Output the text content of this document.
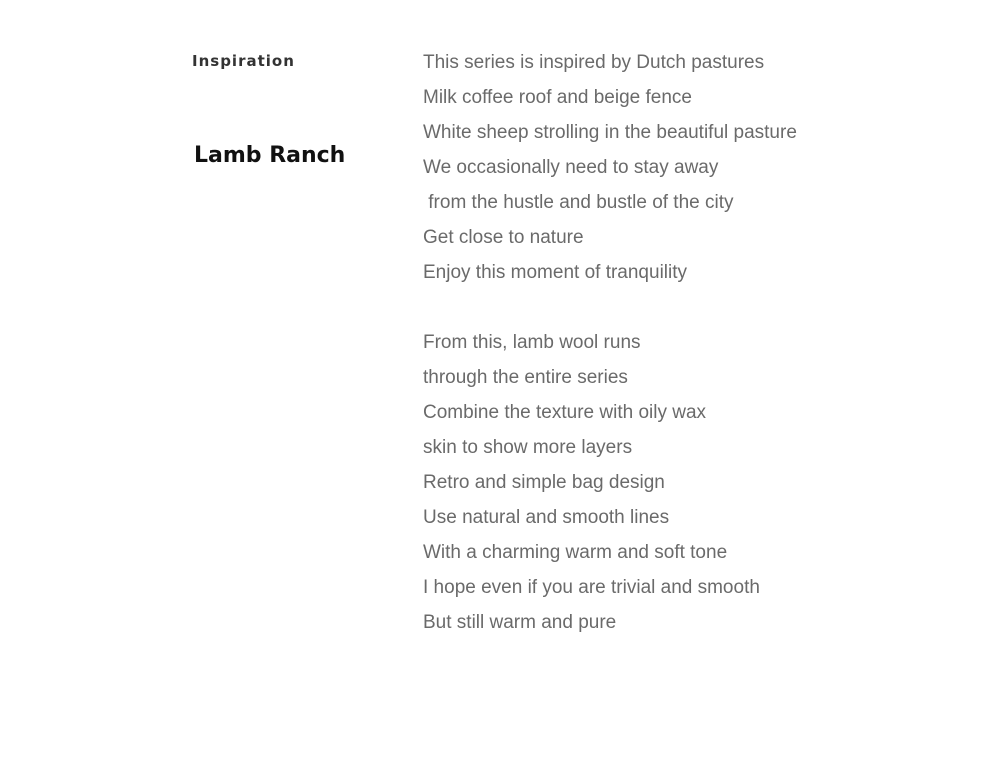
Inspiration
Lamb Ranch
This series is inspired by Dutch pastures
Milk coffee roof and beige fence
White sheep strolling in the beautiful pasture
We occasionally need to stay away
from the hustle and bustle of the city
Get close to nature
Enjoy this moment of tranquility
From this, lamb wool runs
through the entire series
Combine the texture with oily wax
skin to show more layers
Retro and simple bag design
Use natural and smooth lines
With a charming warm and soft tone
I hope even if you are trivial and smooth
But still warm and pure
